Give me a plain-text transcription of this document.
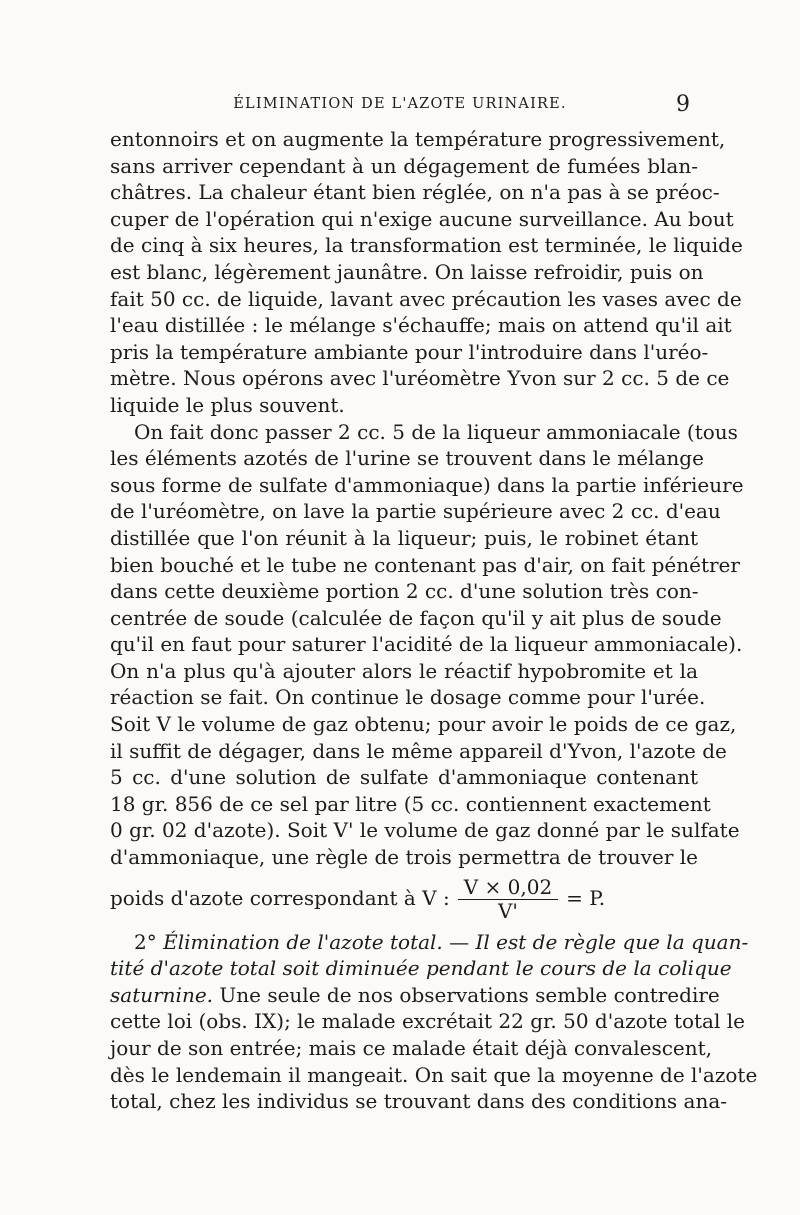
ÉLIMINATION DE L'AZOTE URINAIRE.	9
entonnoirs et on augmente la température progressivement,
sans arriver cependant à un dégagement de fumées blan-
châtres. La chaleur étant bien réglée, on n'a pas à se préoc-
cuper de l'opération qui n'exige aucune surveillance. Au bout
de cinq à six heures, la transformation est terminée, le liquide
est blanc, légèrement jaunâtre. On laisse refroidir, puis on
fait 50 cc. de liquide, lavant avec précaution les vases avec de
l'eau distillée : le mélange s'échauffe; mais on attend qu'il ait
pris la température ambiante pour l'introduire dans l'uréo-
mètre. Nous opérons avec l'uréomètre Yvon sur 2 cc. 5 de ce
liquide le plus souvent.
On fait donc passer 2 cc. 5 de la liqueur ammoniacale (tous
les éléments azotés de l'urine se trouvent dans le mélange
sous forme de sulfate d'ammoniaque) dans la partie inférieure
de l'uréomètre, on lave la partie supérieure avec 2 cc. d'eau
distillée que l'on réunit à la liqueur; puis, le robinet étant
bien bouché et le tube ne contenant pas d'air, on fait pénétrer
dans cette deuxième portion 2 cc. d'une solution très con-
centrée de soude (calculée de façon qu'il y ait plus de soude
qu'il en faut pour saturer l'acidité de la liqueur ammoniacale).
On n'a plus qu'à ajouter alors le réactif hypobromite et la
réaction se fait. On continue le dosage comme pour l'urée.
Soit V le volume de gaz obtenu; pour avoir le poids de ce gaz,
il suffit de dégager, dans le même appareil d'Yvon, l'azote de
5 cc. d'une solution de sulfate d'ammoniaque contenant
18 gr. 856 de ce sel par litre (5 cc. contiennent exactement
0 gr. 02 d'azote). Soit V' le volume de gaz donné par le sulfate
d'ammoniaque, une règle de trois permettra de trouver le
poids d'azote correspondant à V : $\frac{V \times 0,02}{V'} = P$.
2° Élimination de l'azote total. — Il est de règle que la quan-
tité d'azote total soit diminuée pendant le cours de la colique
saturnine. Une seule de nos observations semble contredire
cette loi (obs. IX); le malade excrétait 22 gr. 50 d'azote total le
jour de son entrée; mais ce malade était déjà convalescent,
dès le lendemain il mangeait. On sait que la moyenne de l'azote
total, chez les individus se trouvant dans des conditions ana-
